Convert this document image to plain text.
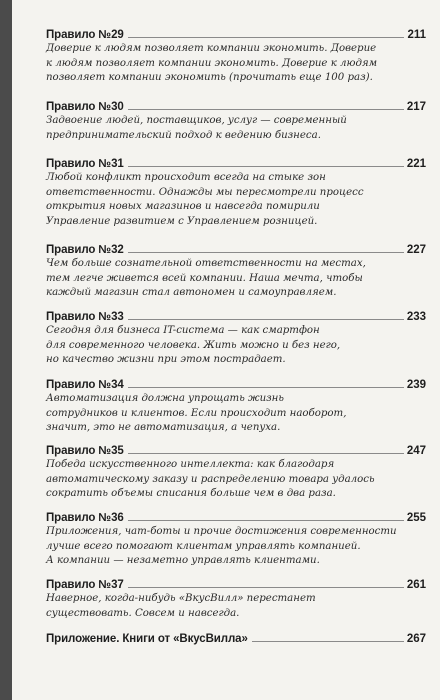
Правило №29	211
Доверие к людям позволяет компании экономить. Доверие
к людям позволяет компании экономить. Доверие к людям
позволяет компании экономить (прочитать еще 100 раз).
Правило №30	217
Задвоение людей, поставщиков, услуг — современный
предпринимательский подход к ведению бизнеса.
Правило №31	221
Любой конфликт происходит всегда на стыке зон
ответственности. Однажды мы пересмотрели процесс
открытия новых магазинов и навсегда помирили
Управление развитием с Управлением розницей.
Правило №32	227
Чем больше сознательной ответственности на местах,
тем легче живется всей компании. Наша мечта, чтобы
каждый магазин стал автономен и самоуправляем.
Правило №33	233
Сегодня для бизнеса IT-система — как смартфон
для современного человека. Жить можно и без него,
но качество жизни при этом пострадает.
Правило №34	239
Автоматизация должна упрощать жизнь
сотрудников и клиентов. Если происходит наоборот,
значит, это не автоматизация, а чепуха.
Правило №35	247
Победа искусственного интеллекта: как благодаря
автоматическому заказу и распределению товара удалось
сократить объемы списания больше чем в два раза.
Правило №36	255
Приложения, чат-боты и прочие достижения современности
лучше всего помогают клиентам управлять компанией.
А компании — незаметно управлять клиентами.
Правило №37	261
Наверное, когда-нибудь «ВкусВилл» перестанет
существовать. Совсем и навсегда.
Приложение. Книги от «ВкусВилла»	267
